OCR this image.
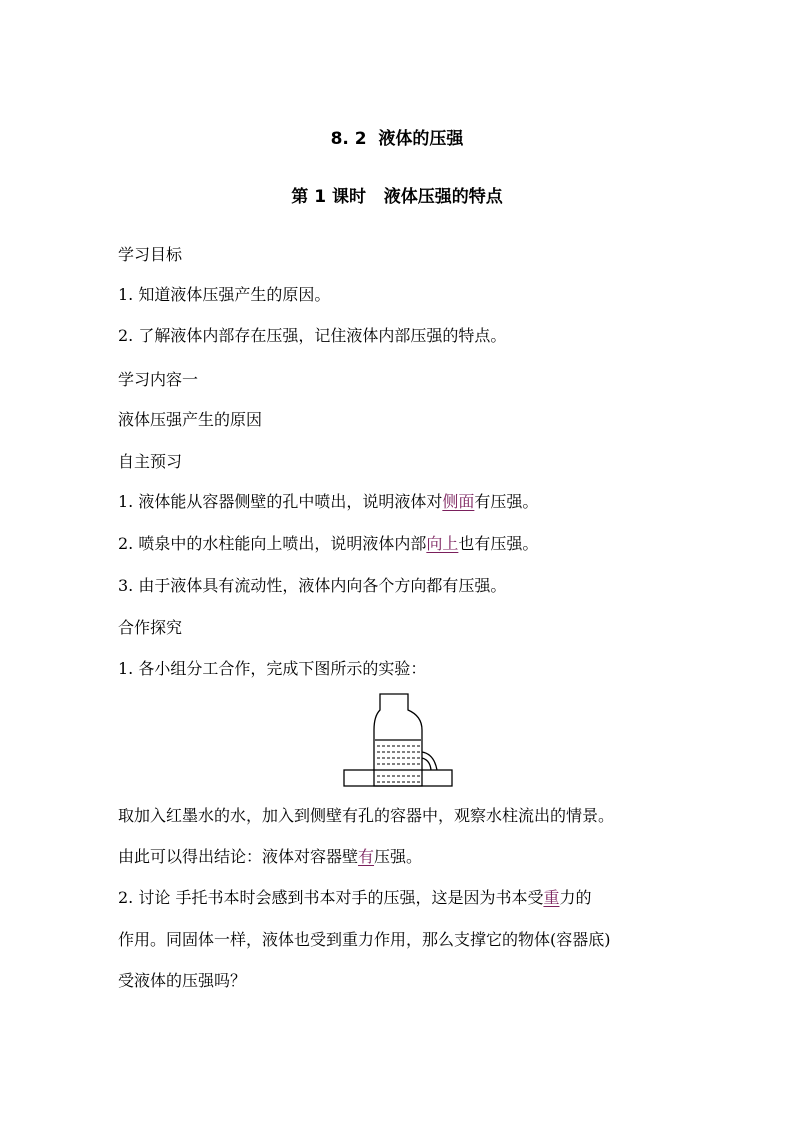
8. 2  液体的压强
第 1 课时   液体压强的特点
学习目标
1. 知道液体压强产生的原因。
2. 了解液体内部存在压强，记住液体内部压强的特点。
学习内容一
液体压强产生的原因
自主预习
1. 液体能从容器侧壁的孔中喷出，说明液体对侧面有压强。
2. 喷泉中的水柱能向上喷出，说明液体内部向上也有压强。
3. 由于液体具有流动性，液体内向各个方向都有压强。
合作探究
1. 各小组分工合作，完成下图所示的实验：
取加入红墨水的水，加入到侧壁有孔的容器中，观察水柱流出的情景。
由此可以得出结论：液体对容器壁有压强。
2. 讨论 手托书本时会感到书本对手的压强，这是因为书本受重力的
作用。同固体一样，液体也受到重力作用，那么支撑它的物体(容器底)
受液体的压强吗？
